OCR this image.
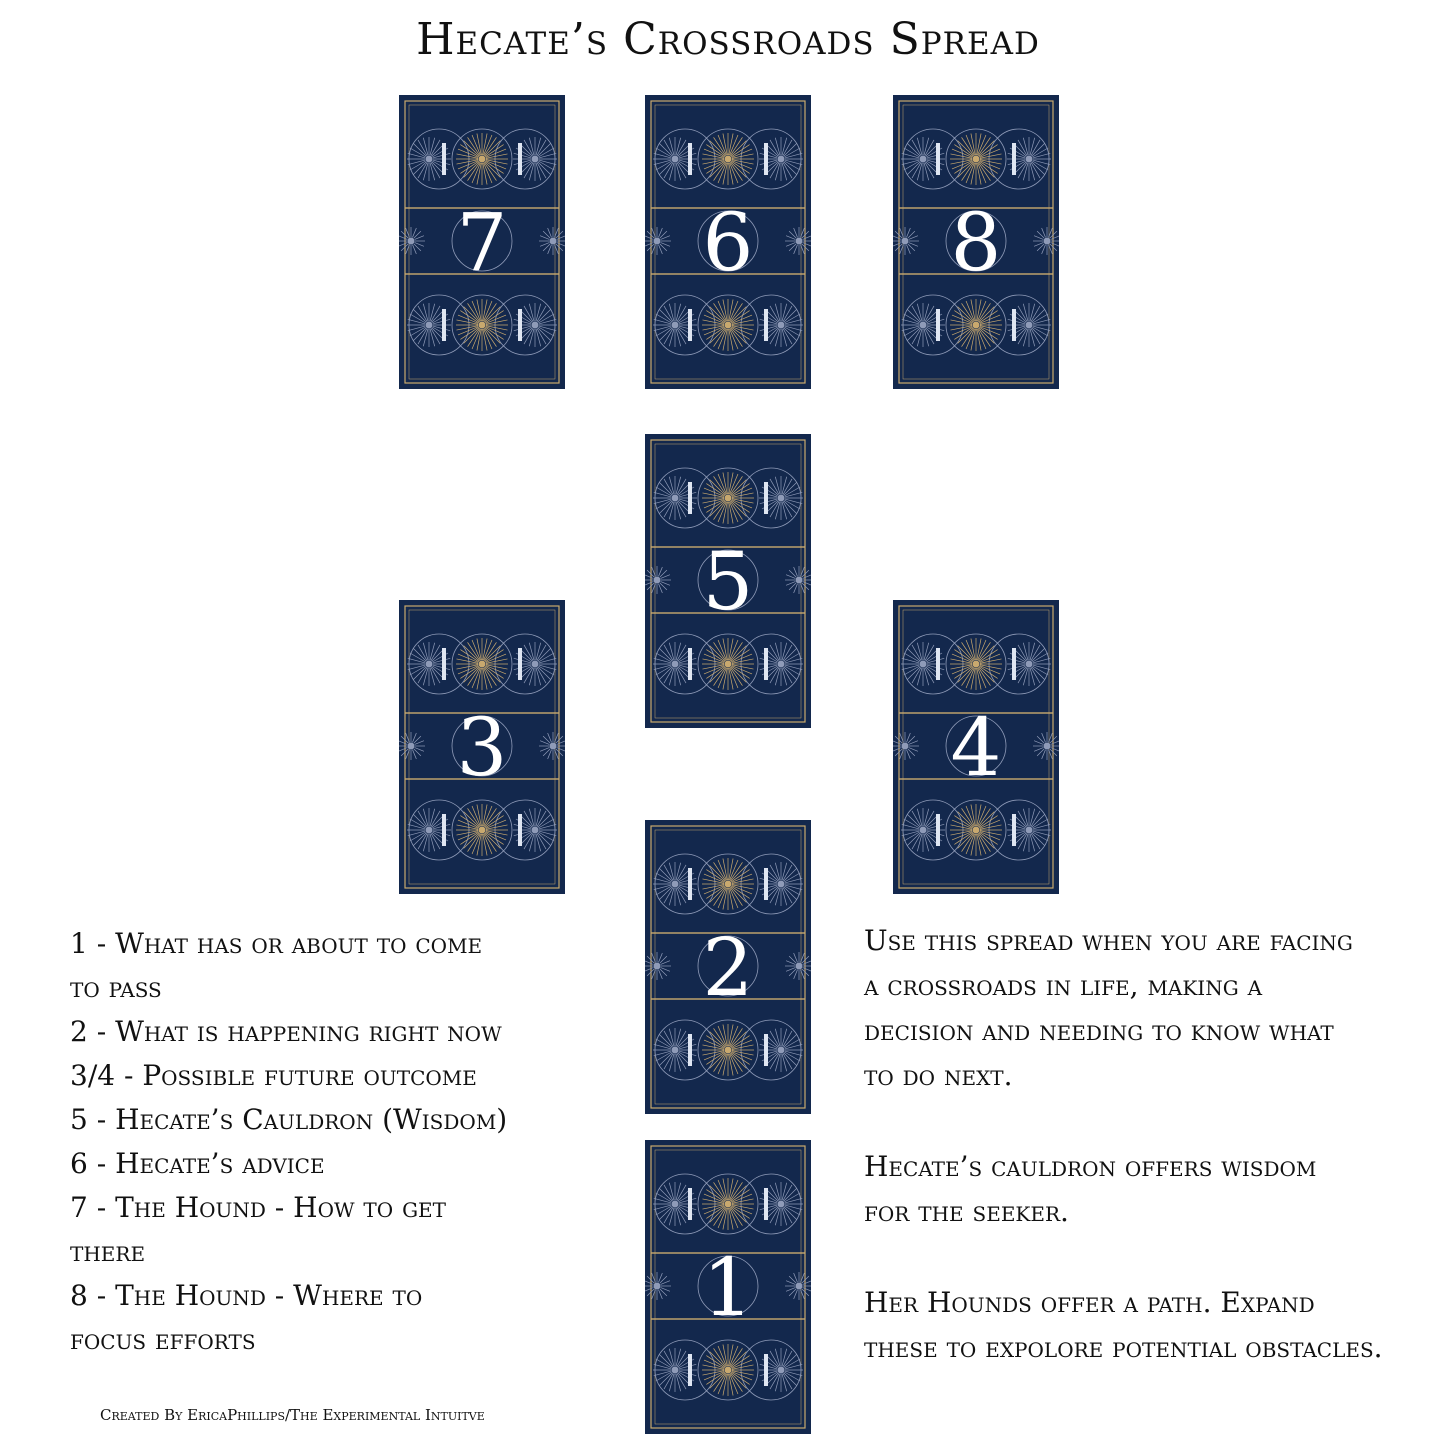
Hecate’s Crossroads Spread
7	6	8
5
3	4
2
1
1 - What has or about to come
to pass
2 - What is happening right now
3/4 - Possible future outcome
5 - Hecate’s Cauldron (Wisdom)
6 - Hecate’s advice
7 - The Hound - How to get
there
8 - The Hound - Where to
focus efforts
Use this spread when you are facing
a crossroads in life, making a
decision and needing to know what
to do next.
Hecate’s cauldron offers wisdom
for the seeker.
Her Hounds offer a path. Expand
these to expolore potential obstacles.
Created By EricaPhillips/The Experimental Intuitve
